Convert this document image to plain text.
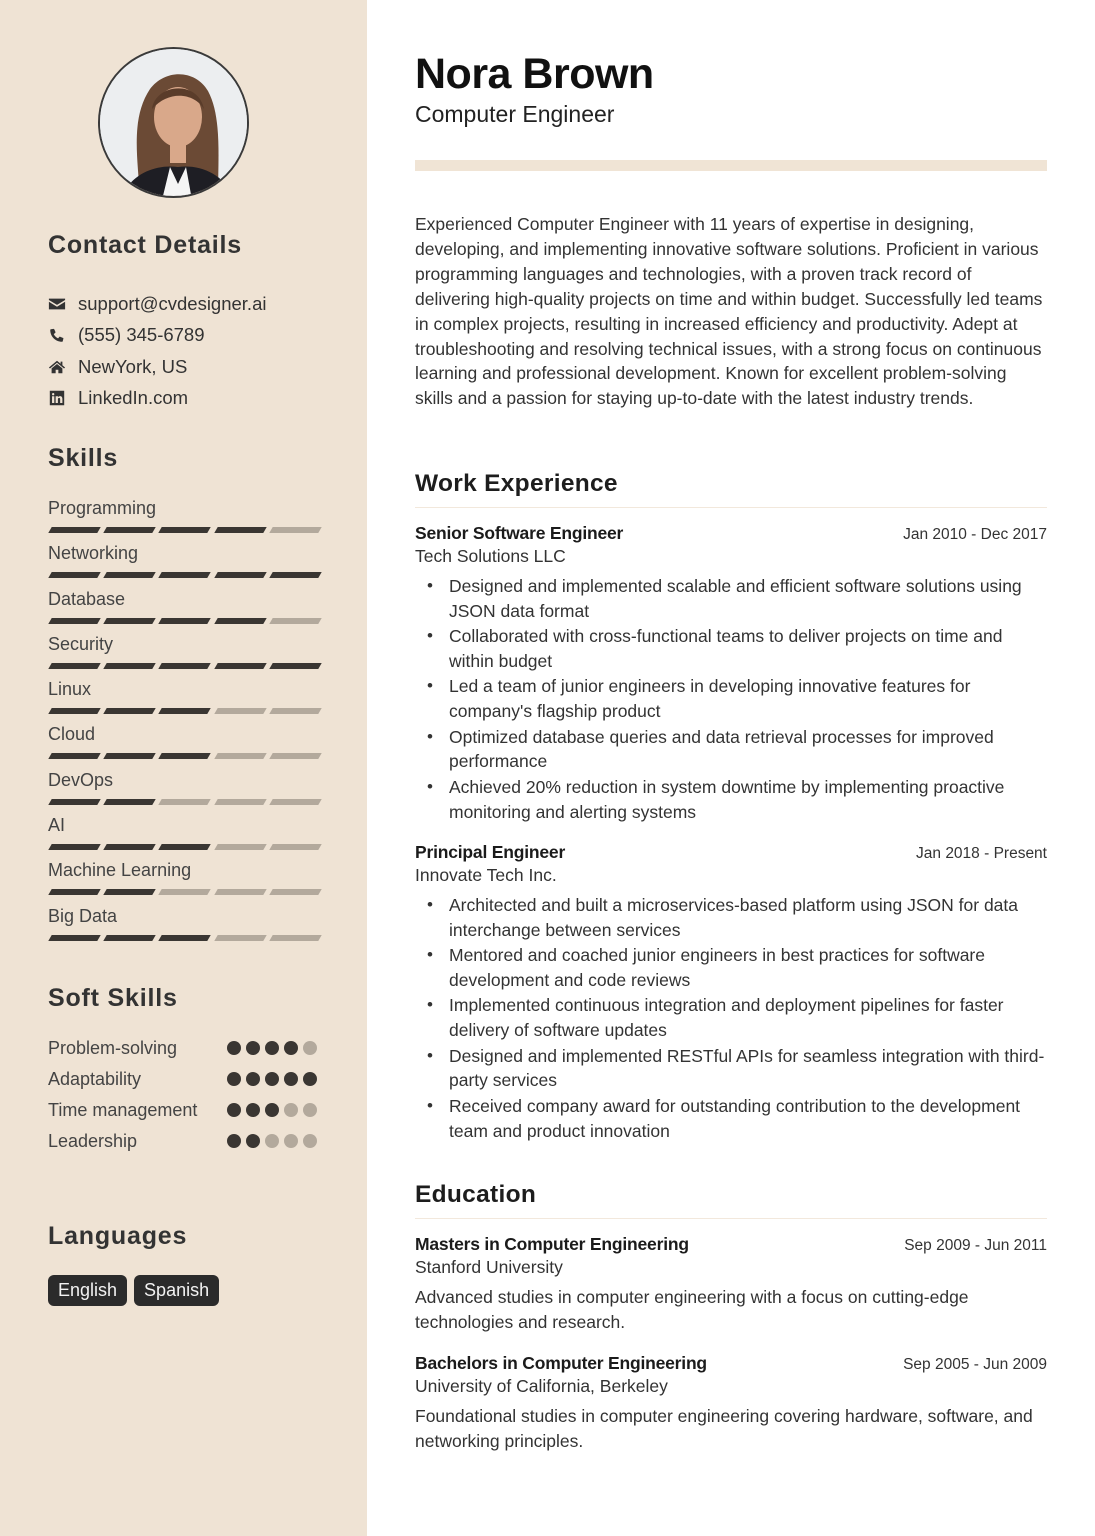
Contact Details
support@cvdesigner.ai
(555) 345-6789
NewYork, US
LinkedIn.com
Skills
Programming
Networking
Database
Security
Linux
Cloud
DevOps
AI
Machine Learning
Big Data
Soft Skills
Problem-solving
Adaptability
Time management
Leadership
Languages
English	Spanish
Nora Brown
Computer Engineer

Experienced Computer Engineer with 11 years of expertise in designing, developing, and implementing innovative software solutions. Proficient in various programming languages and technologies, with a proven track record of delivering high-quality projects on time and within budget. Successfully led teams in complex projects, resulting in increased efficiency and productivity. Adept at troubleshooting and resolving technical issues, with a strong focus on continuous learning and professional development. Known for excellent problem-solving skills and a passion for staying up-to-date with the latest industry trends.

Work Experience
Senior Software Engineer	Jan 2010 - Dec 2017
Tech Solutions LLC
• Designed and implemented scalable and efficient software solutions using JSON data format
• Collaborated with cross-functional teams to deliver projects on time and within budget
• Led a team of junior engineers in developing innovative features for company's flagship product
• Optimized database queries and data retrieval processes for improved performance
• Achieved 20% reduction in system downtime by implementing proactive monitoring and alerting systems
Principal Engineer	Jan 2018 - Present
Innovate Tech Inc.
• Architected and built a microservices-based platform using JSON for data interchange between services
• Mentored and coached junior engineers in best practices for software development and code reviews
• Implemented continuous integration and deployment pipelines for faster delivery of software updates
• Designed and implemented RESTful APIs for seamless integration with third-party services
• Received company award for outstanding contribution to the development team and product innovation
Education
Masters in Computer Engineering	Sep 2009 - Jun 2011
Stanford University

Advanced studies in computer engineering with a focus on cutting-edge technologies and research.

Bachelors in Computer Engineering	Sep 2005 - Jun 2009
University of California, Berkeley

Foundational studies in computer engineering covering hardware, software, and networking principles.
